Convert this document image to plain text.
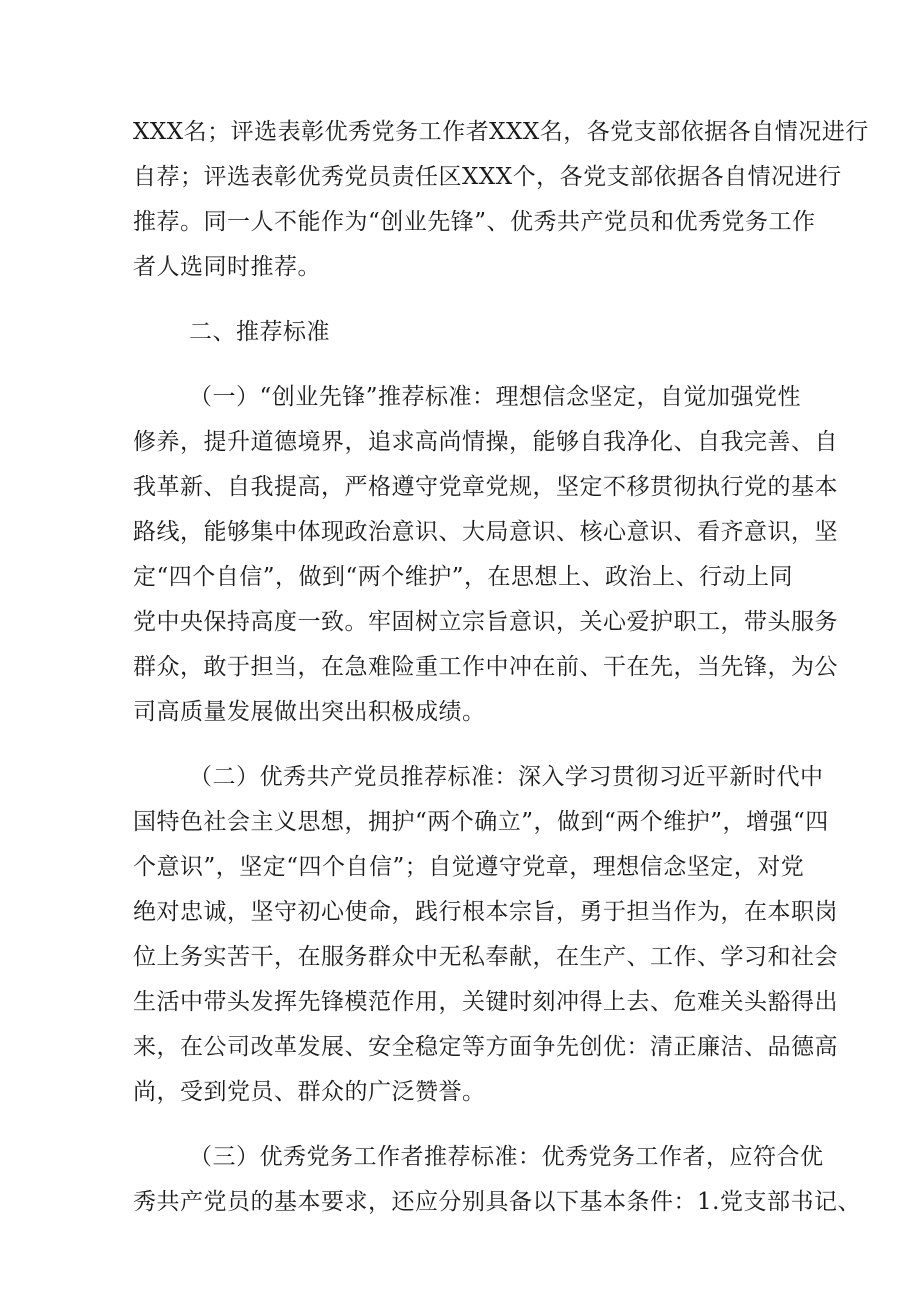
XXX名；评选表彰优秀党务工作者XXX名，各党支部依据各自情况进行
自荐；评选表彰优秀党员责任区XXX个，各党支部依据各自情况进行
推荐。同一人不能作为“创业先锋”、优秀共产党员和优秀党务工作
者人选同时推荐。
二、推荐标准
（一）“创业先锋”推荐标准：理想信念坚定，自觉加强党性
修养，提升道德境界，追求高尚情操，能够自我净化、自我完善、自
我革新、自我提高，严格遵守党章党规，坚定不移贯彻执行党的基本
路线，能够集中体现政治意识、大局意识、核心意识、看齐意识，坚
定“四个自信”，做到“两个维护”，在思想上、政治上、行动上同
党中央保持高度一致。牢固树立宗旨意识，关心爱护职工，带头服务
群众，敢于担当，在急难险重工作中冲在前、干在先，当先锋，为公
司高质量发展做出突出积极成绩。
（二）优秀共产党员推荐标准：深入学习贯彻习近平新时代中
国特色社会主义思想，拥护“两个确立”，做到“两个维护”，增强“四
个意识”，坚定“四个自信”；自觉遵守党章，理想信念坚定，对党
绝对忠诚，坚守初心使命，践行根本宗旨，勇于担当作为，在本职岗
位上务实苦干，在服务群众中无私奉献，在生产、工作、学习和社会
生活中带头发挥先锋模范作用，关键时刻冲得上去、危难关头豁得出
来，在公司改革发展、安全稳定等方面争先创优：清正廉洁、品德高
尚，受到党员、群众的广泛赞誉。
（三）优秀党务工作者推荐标准：优秀党务工作者，应符合优
秀共产党员的基本要求，还应分别具备以下基本条件：1.党支部书记、
